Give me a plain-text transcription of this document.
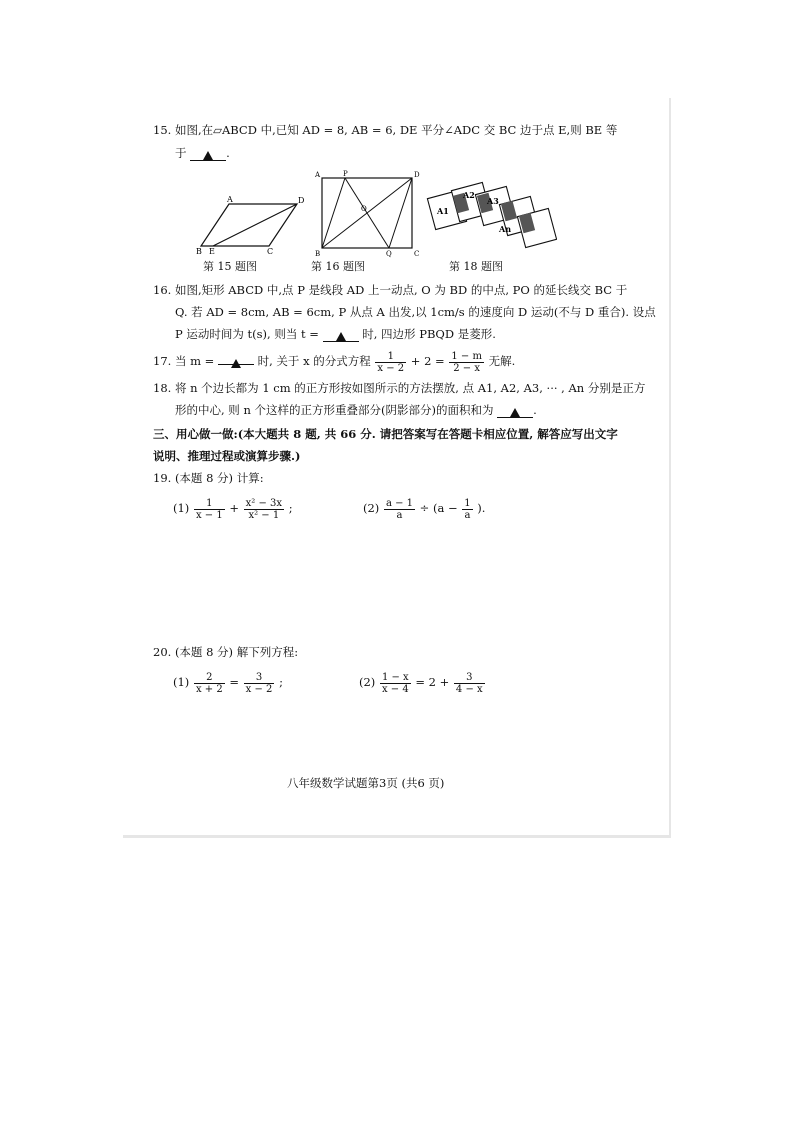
15. 如图,在▱ABCD 中,已知 AD = 8, AB = 6, DE 平分∠ADC 交 BC 边于点 E,则 BE 等
于	.
A	D
B E	C
第 15 题图
A	P	D
O
B	Q	C
第 16 题图
A1
A2
A3
An
第 18 题图
16. 如图,矩形 ABCD 中,点 P 是线段 AD 上一动点, O 为 BD 的中点, PO 的延长线交 BC 于
Q. 若 AD = 8cm, AB = 6cm, P 从点 A 出发,以 1cm/s 的速度向 D 运动(不与 D 重合). 设点
P 运动时间为 t(s), 则当 t =	时, 四边形 PBQD 是菱形.
17. 当 m =	时, 关于 x 的分式方程 $\frac{1}{x - 2} + 2 = \frac{1 - m}{2 - x}$ 无解.
18. 将 n 个边长都为 1 cm 的正方形按如图所示的方法摆放, 点 A1, A2, A3, ··· , An 分别是正方
形的中心, 则 n 个这样的正方形重叠部分(阴影部分)的面积和为	.
三、用心做一做:(本大题共 8 题, 共 66 分. 请把答案写在答题卡相应位置, 解答应写出文字
说明、推理过程或演算步骤.)
19. (本题 8 分) 计算:
$(1) \frac{1}{x - 1} + \frac{\text{x² − 3x}}{\text{x² − 1}}$ ;	$(2) \frac{a - 1}{a} \div (a - \frac{1}{a}$ ).
20. (本题 8 分) 解下列方程:
$(1) \frac{2}{x + 2} = \frac{3}{x - 2}$ ;	$(2) \frac{1 - x}{x - 4} = 2 + \frac{3}{4 - x}$
八年级数学试题第3页 (共6 页)
